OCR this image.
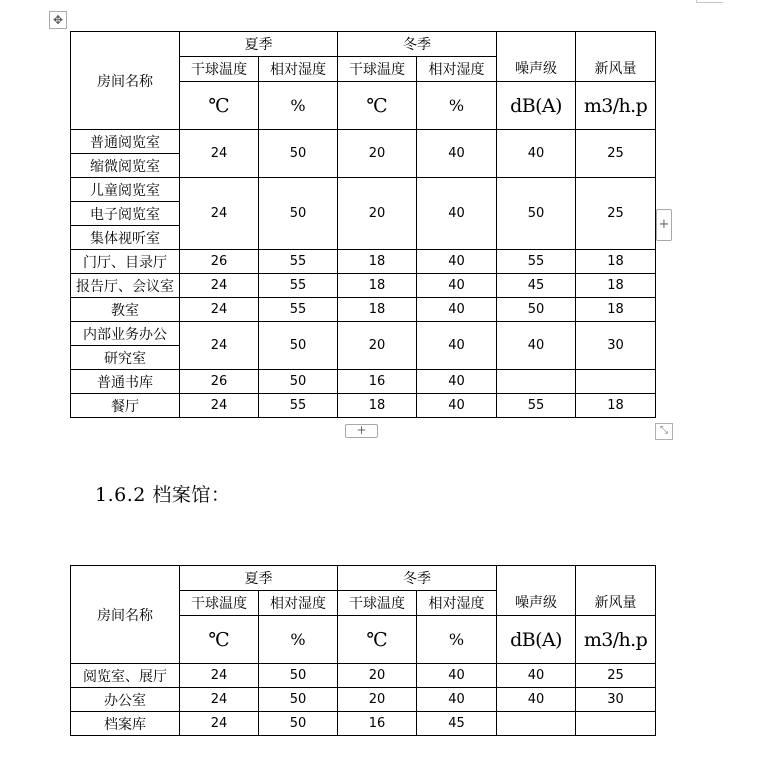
✥
房间名称	夏季		冬季		噪声级	新风量
	干球温度	相对湿度	干球温度	相对湿度		
	℃	%	℃	%	dB(A)	m3/h.p
普通阅览室	24	50	20	40	40	25
缩微阅览室						
儿童阅览室	24	50	20	40	50	25
电子阅览室						
集体视听室						
门厅、目录厅	26	55	18	40	55	18
报告厅、会议室	24	55	18	40	45	18
教室	24	55	18	40	50	18
内部业务办公	24	50	20	40	40	30
研究室						
普通书库	26	50	16	40		
餐厅	24	55	18	40	55	18
+
+	⤡
1.6.2 档案馆：
房间名称	夏季		冬季		噪声级	新风量
	干球温度	相对湿度	干球温度	相对湿度		
	℃	%	℃	%	dB(A)	m3/h.p
阅览室、展厅	24	50	20	40	40	25
办公室	24	50	20	40	40	30
档案库	24	50	16	45		
